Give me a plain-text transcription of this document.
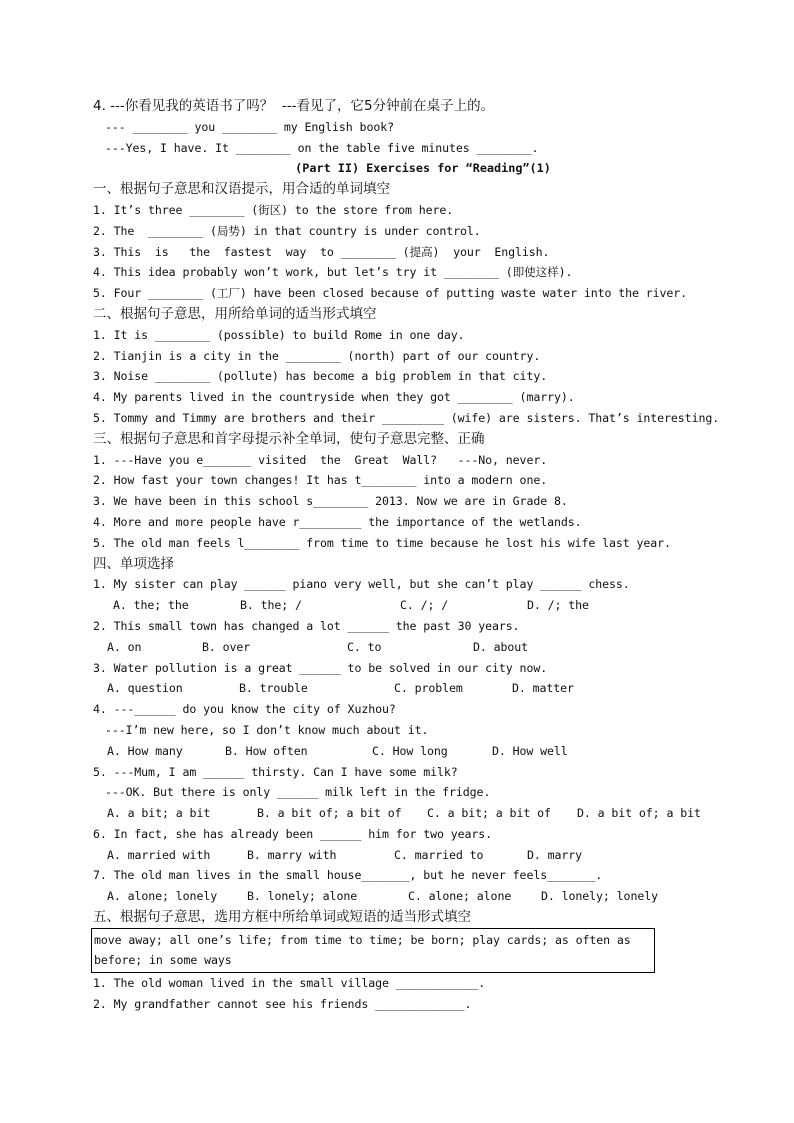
4. ---你看见我的英语书了吗？  ---看见了，它5分钟前在桌子上的。
--- ________ you ________ my English book?
---Yes, I have. It ________ on the table five minutes ________.
(Part II) Exercises for “Reading”(1)
一、根据句子意思和汉语提示，用合适的单词填空
1. It’s three ________ (街区) to the store from here.
2. The  ________ (局势) in that country is under control.
3. This  is   the  fastest  way  to ________ (提高)  your  English.
4. This idea probably won’t work, but let’s try it ________ (即使这样).
5. Four ________ (工厂) have been closed because of putting waste water into the river.
二、根据句子意思，用所给单词的适当形式填空
1. It is ________ (possible) to build Rome in one day.
2. Tianjin is a city in the ________ (north) part of our country.
3. Noise ________ (pollute) has become a big problem in that city.
4. My parents lived in the countryside when they got ________ (marry).
5. Tommy and Timmy are brothers and their _________ (wife) are sisters. That’s interesting.
三、根据句子意思和首字母提示补全单词，使句子意思完整、正确
1. ---Have you e_______ visited  the  Great  Wall?   ---No, never.
2. How fast your town changes! It has t________ into a modern one.
3. We have been in this school s________ 2013. Now we are in Grade 8.
4. More and more people have r_________ the importance of the wetlands.
5. The old man feels l________ from time to time because he lost his wife last year.
四、单项选择
1. My sister can play ______ piano very well, but she can’t play ______ chess.
A. the; the	B. the; /	C. /; /	D. /; the
2. This small town has changed a lot ______ the past 30 years.
A. on	B. over	C. to	D. about
3. Water pollution is a great ______ to be solved in our city now.
A. question	B. trouble	C. problem	D. matter
4. ---______ do you know the city of Xuzhou?
---I’m new here, so I don’t know much about it.
A. How many	B. How often	C. How long	D. How well
5. ---Mum, I am ______ thirsty. Can I have some milk?
---OK. But there is only ______ milk left in the fridge.
A. a bit; a bit	B. a bit of; a bit of	C. a bit; a bit of	D. a bit of; a bit
6. In fact, she has already been ______ him for two years.
A. married with	B. marry with	C. married to	D. marry
7. The old man lives in the small house_______, but he never feels_______.
A. alone; lonely	B. lonely; alone	C. alone; alone	D. lonely; lonely
五、根据句子意思，选用方框中所给单词或短语的适当形式填空
move away; all one’s life; from time to time; be born; play cards; as often as
before; in some ways
1. The old woman lived in the small village ____________.
2. My grandfather cannot see his friends _____________.
